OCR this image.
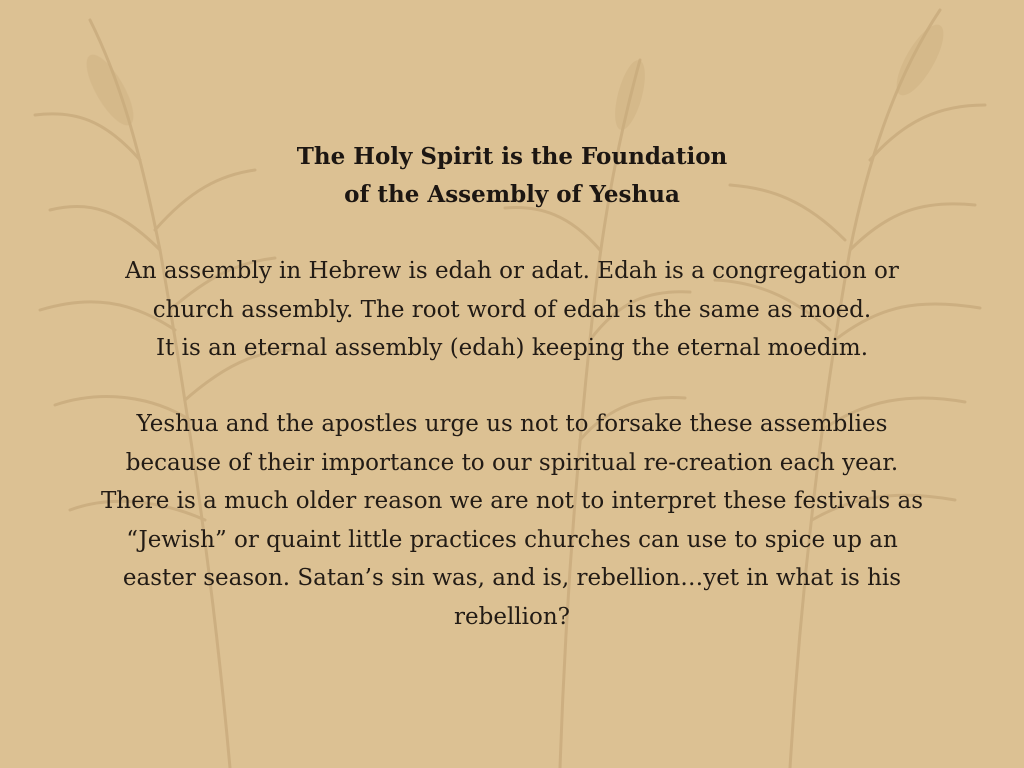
The Holy Spirit is the Foundation
of the Assembly of Yeshua
An assembly in Hebrew is edah or adat. Edah is a congregation or
church assembly. The root word of edah is the same as moed.
It is an eternal assembly (edah) keeping the eternal moedim.
Yeshua and the apostles urge us not to forsake these assemblies
because of their importance to our spiritual re-creation each year.
There is a much older reason we are not to interpret these festivals as
“Jewish” or quaint little practices churches can use to spice up an
easter season. Satan’s sin was, and is, rebellion…yet in what is his
rebellion?
